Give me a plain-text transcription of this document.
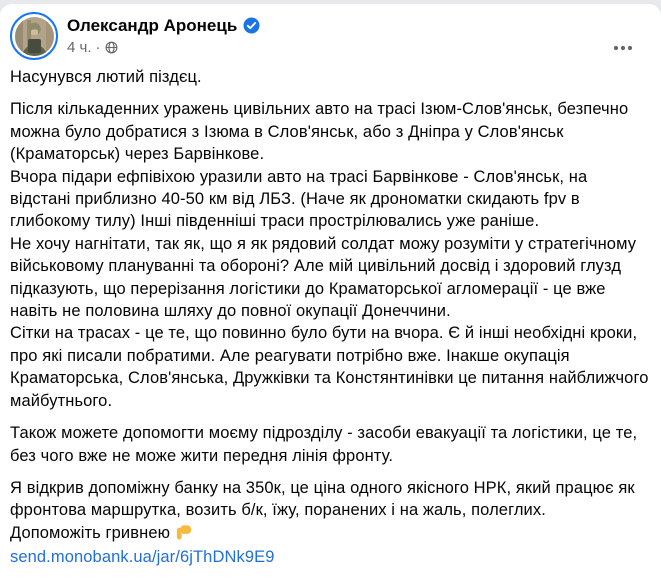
Олександр Аронець
4 ч. ·
Насунувся лютий піздєц.
Після кількаденних уражень цивільних авто на трасі Ізюм-Слов'янськ, безпечно можна було добратися з Ізюма в Слов'янськ, або з Дніпра у Слов'янськ (Краматорськ) через Барвінкове.
Вчора підари ефпівіхою уразили авто на трасі Барвінкове - Слов'янськ, на відстані приблизно 40-50 км від ЛБЗ. (Наче як дрономатки скидають fpv в глибокому тилу) Інші південніші траси прострілювались уже раніше.
Не хочу нагнітати, так як, що я як рядовий солдат можу розуміти у стратегічному військовому плануванні та обороні? Але мій цивільний досвід і здоровий глузд підказують, що перерізання логістики до Краматорської агломерації - це вже навіть не половина шляху до повної окупації Донеччини.
Сітки на трасах - це те, що повинно було бути на вчора. Є й інші необхідні кроки, про які писали побратими. Але реагувати потрібно вже. Інакше окупація Краматорська, Слов'янська, Дружківки та Констянтинівки це питання найближчого майбутнього.
Також можете допомогти моєму підрозділу - засоби евакуації та логістики, це те, без чого вже не може жити передня лінія фронту.
Я відкрив допоміжну банку на 350к, це ціна одного якісного НРК, який працює як фронтова маршрутка, возить б/к, їжу, поранених і на жаль, полеглих.
Допоможіть гривнею
send.monobank.ua/jar/6jThDNk9E9
